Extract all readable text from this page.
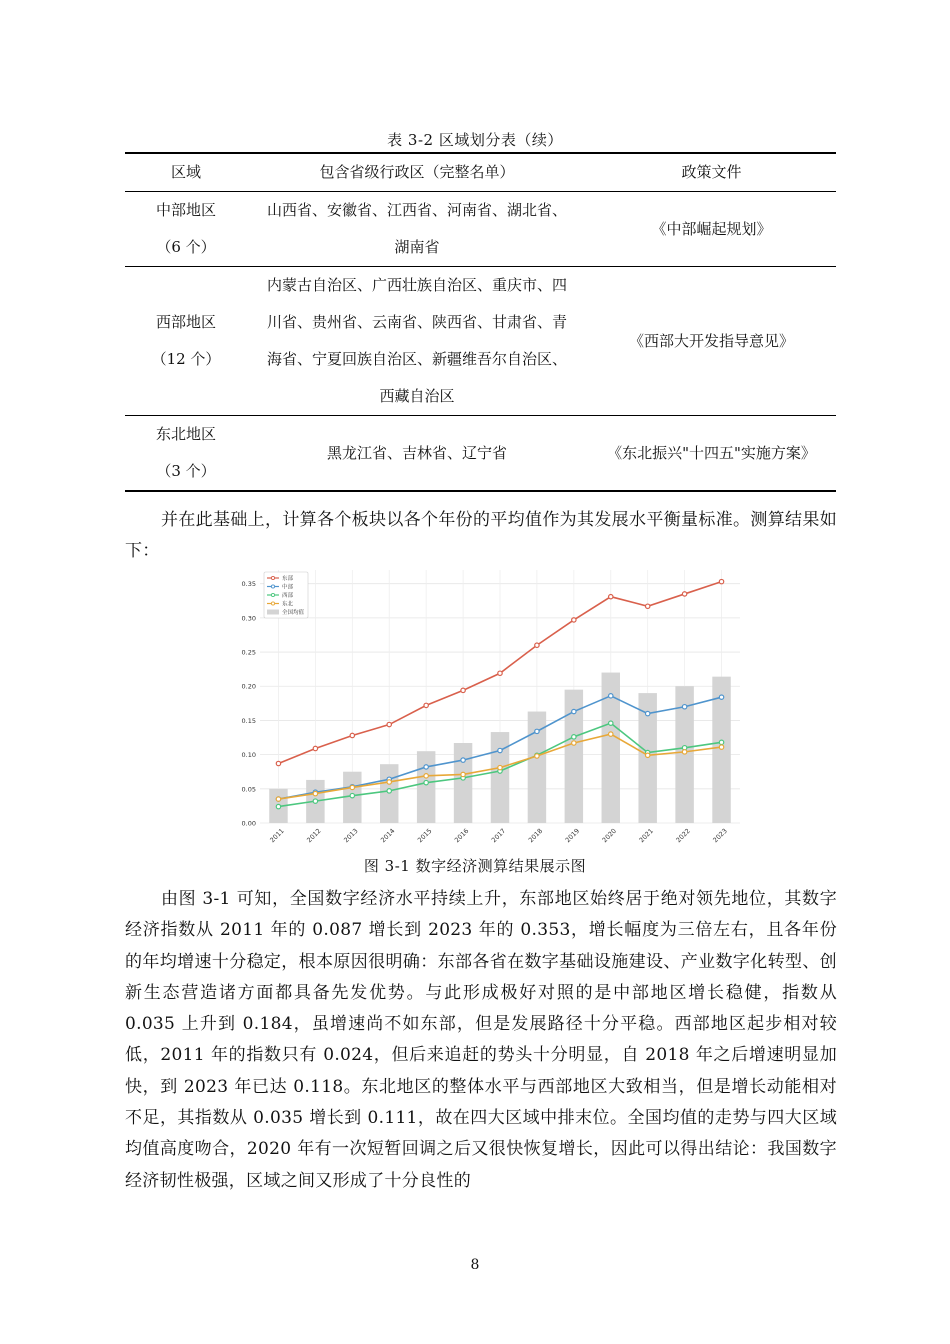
表 3-2 区域划分表（续）
区域	包含省级行政区（完整名单）	政策文件

中部地区
（6 个）	山西省、安徽省、江西省、河南省、湖北省、
湖南省	《中部崛起规划》

西部地区
（12 个）	内蒙古自治区、广西壮族自治区、重庆市、四
川省、贵州省、云南省、陕西省、甘肃省、青
海省、宁夏回族自治区、新疆维吾尔自治区、
西藏自治区	《西部大开发指导意见》

东北地区
（3 个）	黑龙江省、吉林省、辽宁省	《东北振兴"十四五"实施方案》
并在此基础上，计算各个板块以各个年份的平均值作为其发展水平衡量标准。测算结果如下：
0.00
0.05
0.10
0.15
0.20
0.25
0.30
0.35
2011	2012	2013	2014	2015	2016	2017	2018	2019	2020	2021	2022	2023
东部
中部
西部
东北
全国均值
图 3-1 数字经济测算结果展示图
由图 3-1 可知，全国数字经济水平持续上升，东部地区始终居于绝对领先地位，其数字经济指数从 2011 年的 0.087 增长到 2023 年的 0.353，增长幅度为三倍左右，且各年份的年均增速十分稳定，根本原因很明确：东部各省在数字基础设施建设、产业数字化转型、创新生态营造诸方面都具备先发优势。与此形成极好对照的是中部地区增长稳健，指数从 0.035 上升到 0.184，虽增速尚不如东部，但是发展路径十分平稳。西部地区起步相对较低，2011 年的指数只有 0.024，但后来追赶的势头十分明显，自 2018 年之后增速明显加快，到 2023 年已达 0.118。东北地区的整体水平与西部地区大致相当，但是增长动能相对不足，其指数从 0.035 增长到 0.111，故在四大区域中排末位。全国均值的走势与四大区域均值高度吻合，2020 年有一次短暂回调之后又很快恢复增长，因此可以得出结论：我国数字经济韧性极强，区域之间又形成了十分良性的
8
